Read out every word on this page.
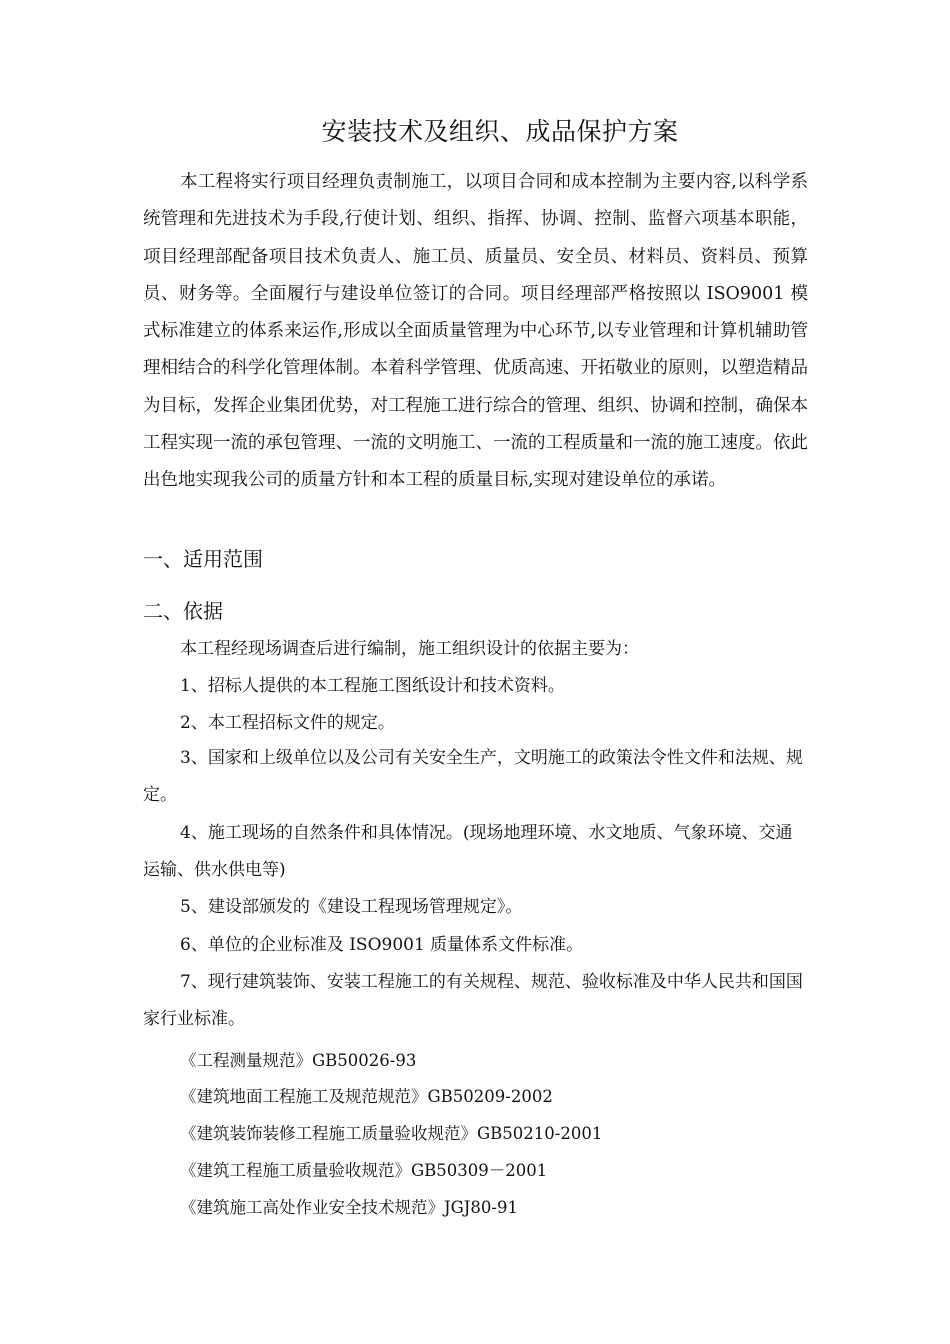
安装技术及组织、成品保护方案

本工程将实行项目经理负责制施工，以项目合同和成本控制为主要内容,以科学系统管理和先进技术为手段,行使计划、组织、指挥、协调、控制、监督六项基本职能，项目经理部配备项目技术负责人、施工员、质量员、安全员、材料员、资料员、预算员、财务等。全面履行与建设单位签订的合同。项目经理部严格按照以 ISO9001 模式标准建立的体系来运作,形成以全面质量管理为中心环节,以专业管理和计算机辅助管理相结合的科学化管理体制。本着科学管理、优质高速、开拓敬业的原则，以塑造精品为目标，发挥企业集团优势，对工程施工进行综合的管理、组织、协调和控制，确保本工程实现一流的承包管理、一流的文明施工、一流的工程质量和一流的施工速度。依此出色地实现我公司的质量方针和本工程的质量目标,实现对建设单位的承诺。

一、适用范围
二、依据

本工程经现场调查后进行编制，施工组织设计的依据主要为：

1、招标人提供的本工程施工图纸设计和技术资料。

2、本工程招标文件的规定。

3、国家和上级单位以及公司有关安全生产，文明施工的政策法令性文件和法规、规定。

4、施工现场的自然条件和具体情况。(现场地理环境、水文地质、气象环境、交通运输、供水供电等)

5、建设部颁发的《建设工程现场管理规定》。

6、单位的企业标准及 ISO9001 质量体系文件标准。

7、现行建筑装饰、安装工程施工的有关规程、规范、验收标准及中华人民共和国国家行业标准。

《工程测量规范》GB50026-93

《建筑地面工程施工及规范规范》GB50209-2002

《建筑装饰装修工程施工质量验收规范》GB50210-2001

《建筑工程施工质量验收规范》GB50309－2001

《建筑施工高处作业安全技术规范》JGJ80-91
